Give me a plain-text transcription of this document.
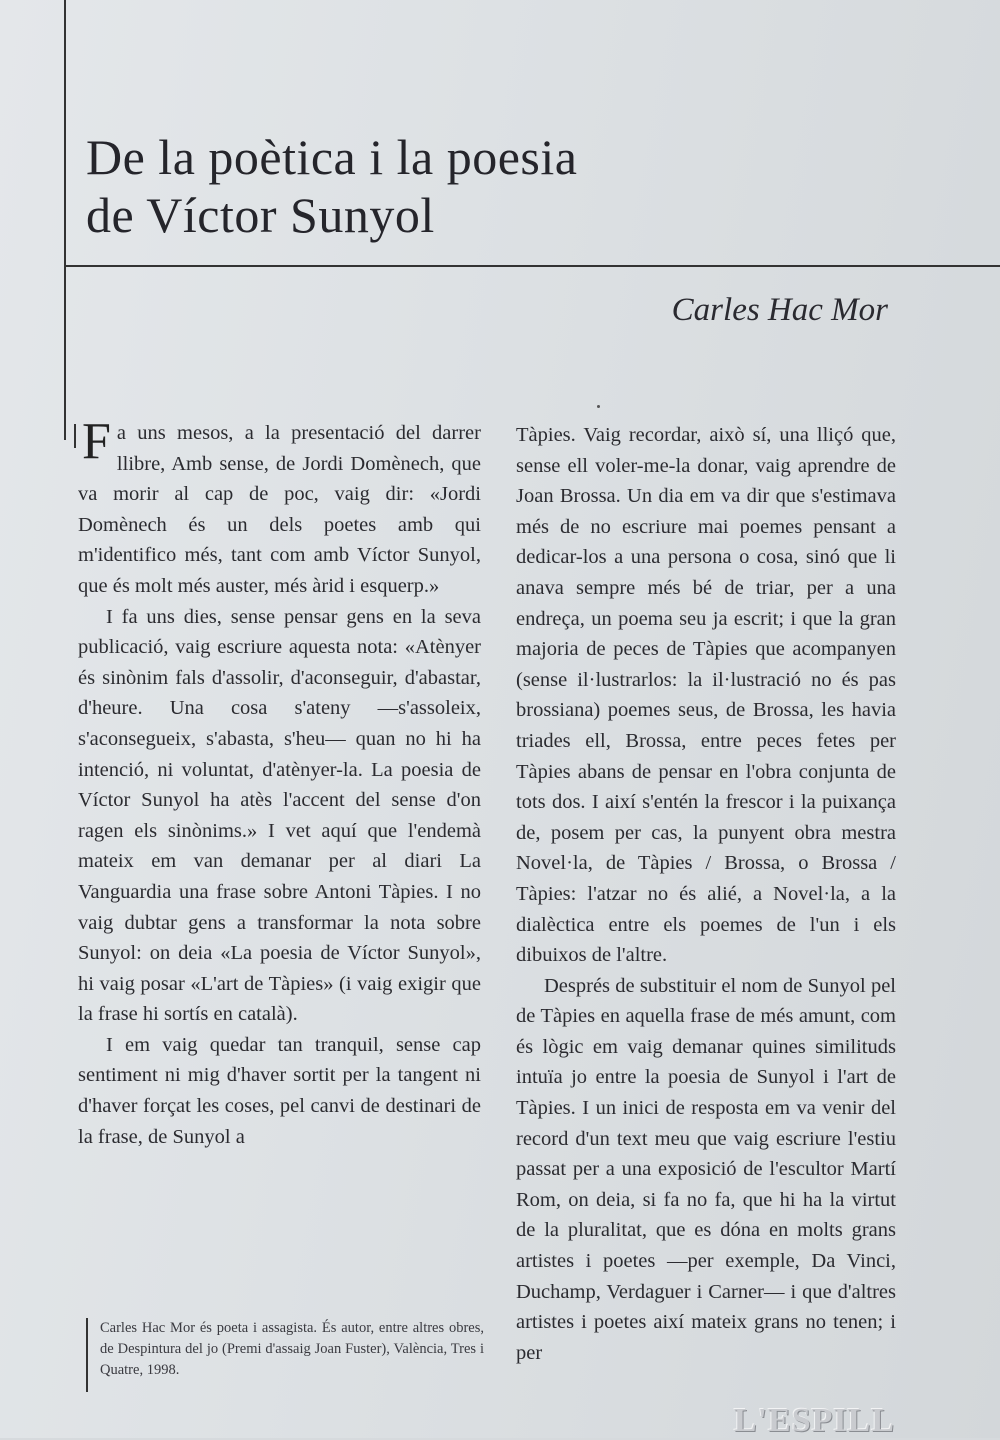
De la poètica i la poesia
de Víctor Sunyol
Carles Hac Mor

Fa uns mesos, a la presentació del darrer llibre, Amb sense, de Jordi Domènech, que va morir al cap de poc, vaig dir: «Jordi Domènech és un dels poetes amb qui m'identifico més, tant com amb Víctor Sunyol, que és molt més auster, més àrid i esquerp.»

I fa uns dies, sense pensar gens en la seva publicació, vaig escriure aquesta nota: «Atènyer és sinònim fals d'assolir, d'aconseguir, d'abastar, d'heure. Una cosa s'ateny —s'assoleix, s'aconsegueix, s'abasta, s'heu— quan no hi ha intenció, ni voluntat, d'atènyer-la. La poesia de Víctor Sunyol ha atès l'accent del sense d'on ragen els sinònims.» I vet aquí que l'endemà mateix em van demanar per al diari La Vanguardia una frase sobre Antoni Tàpies. I no vaig dubtar gens a transformar la nota sobre Sunyol: on deia «La poesia de Víctor Sunyol», hi vaig posar «L'art de Tàpies» (i vaig exigir que la frase hi sortís en català).

I em vaig quedar tan tranquil, sense cap sentiment ni mig d'haver sortit per la tangent ni d'haver forçat les coses, pel canvi de destinari de la frase, de Sunyol a

Tàpies. Vaig recordar, això sí, una lliçó que, sense ell voler-me-la donar, vaig aprendre de Joan Brossa. Un dia em va dir que s'estimava més de no escriure mai poemes pensant a dedicar-los a una persona o cosa, sinó que li anava sempre més bé de triar, per a una endreça, un poema seu ja escrit; i que la gran majoria de peces de Tàpies que acompanyen (sense il·lustrarlos: la il·lustració no és pas brossiana) poemes seus, de Brossa, les havia triades ell, Brossa, entre peces fetes per Tàpies abans de pensar en l'obra conjunta de tots dos. I així s'entén la frescor i la puixança de, posem per cas, la punyent obra mestra Novel·la, de Tàpies / Brossa, o Brossa / Tàpies: l'atzar no és alié, a Novel·la, a la dialèctica entre els poemes de l'un i els dibuixos de l'altre.

Després de substituir el nom de Sunyol pel de Tàpies en aquella frase de més amunt, com és lògic em vaig demanar quines similituds intuïa jo entre la poesia de Sunyol i l'art de Tàpies. I un inici de resposta em va venir del record d'un text meu que vaig escriure l'estiu passat per a una exposició de l'escultor Martí Rom, on deia, si fa no fa, que hi ha la virtut de la pluralitat, que es dóna en molts grans artistes i poetes —per exemple, Da Vinci, Duchamp, Verdaguer i Carner— i que d'altres artistes i poetes així mateix grans no tenen; i per

Carles Hac Mor és poeta i assagista. És autor, entre altres obres, de Despintura del jo (Premi d'assaig Joan Fuster), València, Tres i Quatre, 1998.
L'ESPILL
